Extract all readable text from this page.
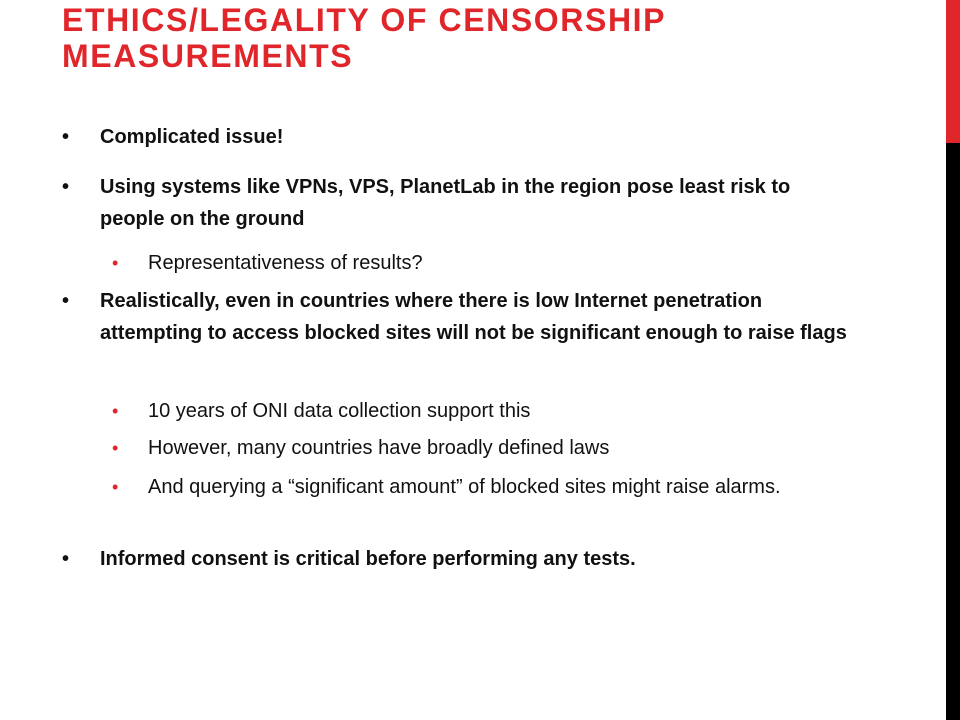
ETHICS/LEGALITY OF CENSORSHIP MEASUREMENTS
• Complicated issue!
• Using systems like VPNs, VPS, PlanetLab in the region pose least risk to people on the ground
• Representativeness of results?
• Realistically, even in countries where there is low Internet penetration attempting to access blocked sites will not be significant enough to raise flags
• 10 years of ONI data collection support this
• However, many countries have broadly defined laws
• And querying a “significant amount” of blocked sites might raise alarms.
• Informed consent is critical before performing any tests.
